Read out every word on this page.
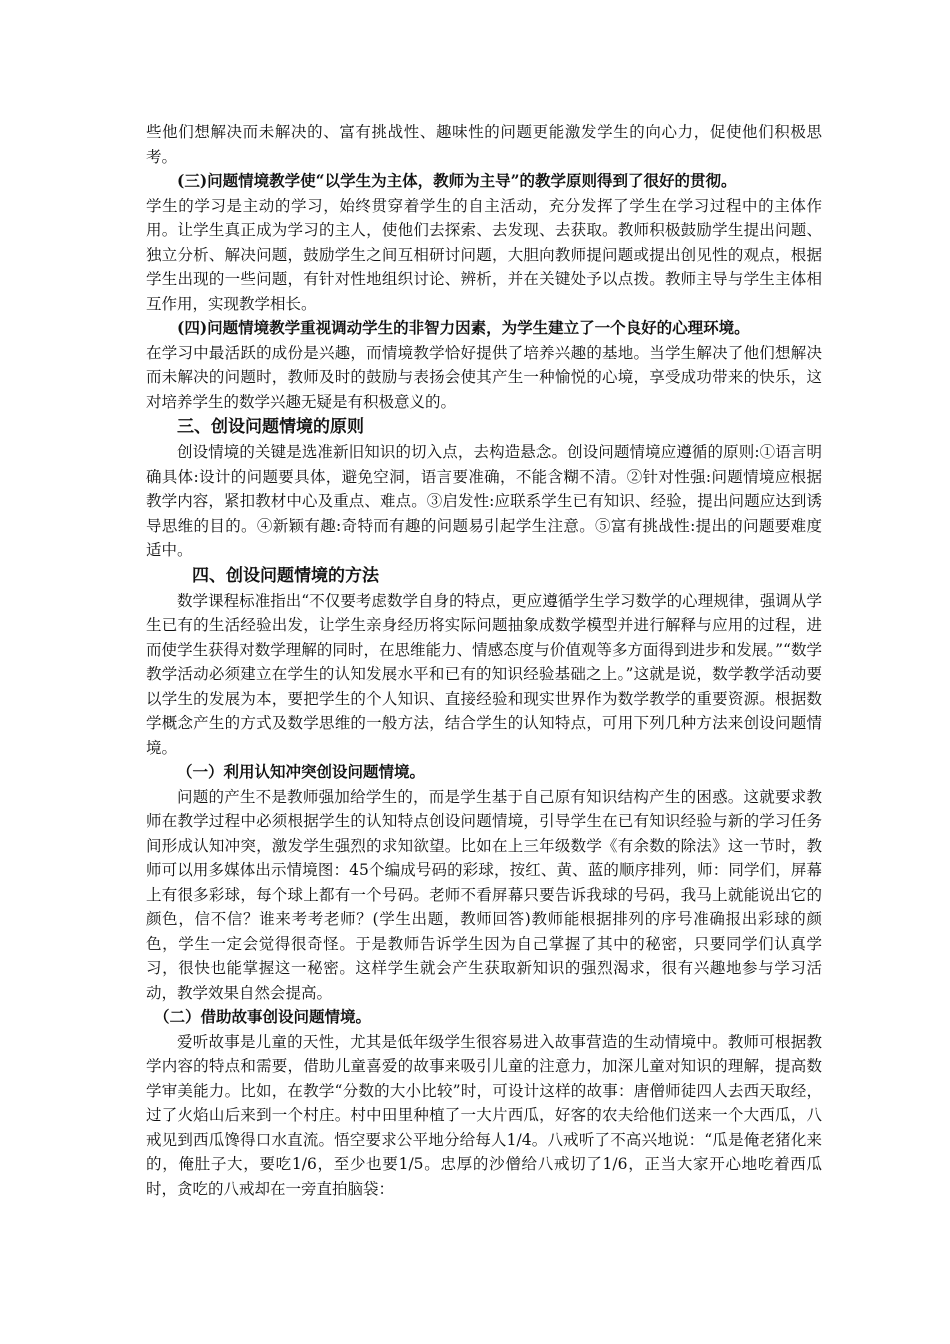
些他们想解决而未解决的、富有挑战性、趣味性的问题更能激发学生的向心力，促使他们积极思考。

(三)问题情境教学使“以学生为主体，教师为主导”的教学原则得到了很好的贯彻。

学生的学习是主动的学习，始终贯穿着学生的自主活动，充分发挥了学生在学习过程中的主体作用。让学生真正成为学习的主人，使他们去探索、去发现、去获取。教师积极鼓励学生提出问题、独立分析、解决问题，鼓励学生之间互相研讨问题，大胆向教师提问题或提出创见性的观点，根据学生出现的一些问题，有针对性地组织讨论、辨析，并在关键处予以点拨。教师主导与学生主体相互作用，实现教学相长。

(四)问题情境教学重视调动学生的非智力因素，为学生建立了一个良好的心理环境。

在学习中最活跃的成份是兴趣，而情境教学恰好提供了培养兴趣的基地。当学生解决了他们想解决而未解决的问题时，教师及时的鼓励与表扬会使其产生一种愉悦的心境，享受成功带来的快乐，这对培养学生的数学兴趣无疑是有积极意义的。

三、创设问题情境的原则

创设情境的关键是选准新旧知识的切入点，去构造悬念。创设问题情境应遵循的原则:①语言明确具体:设计的问题要具体，避免空洞，语言要准确，不能含糊不清。②针对性强:问题情境应根据教学内容，紧扣教材中心及重点、难点。③启发性:应联系学生已有知识、经验，提出问题应达到诱导思维的目的。④新颖有趣:奇特而有趣的问题易引起学生注意。⑤富有挑战性:提出的问题要难度适中。

四、创设问题情境的方法

数学课程标准指出“不仅要考虑数学自身的特点，更应遵循学生学习数学的心理规律，强调从学生已有的生活经验出发，让学生亲身经历将实际问题抽象成数学模型并进行解释与应用的过程，进而使学生获得对数学理解的同时，在思维能力、情感态度与价值观等多方面得到进步和发展。”“数学教学活动必须建立在学生的认知发展水平和已有的知识经验基础之上。”这就是说，数学教学活动要以学生的发展为本，要把学生的个人知识、直接经验和现实世界作为数学教学的重要资源。根据数学概念产生的方式及数学思维的一般方法，结合学生的认知特点，可用下列几种方法来创设问题情境。

（一）利用认知冲突创设问题情境。

问题的产生不是教师强加给学生的，而是学生基于自己原有知识结构产生的困惑。这就要求教师在教学过程中必须根据学生的认知特点创设问题情境，引导学生在已有知识经验与新的学习任务间形成认知冲突，激发学生强烈的求知欲望。比如在上三年级数学《有余数的除法》这一节时，教师可以用多媒体出示情境图：45个编成号码的彩球，按红、黄、蓝的顺序排列，师：同学们，屏幕上有很多彩球，每个球上都有一个号码。老师不看屏幕只要告诉我球的号码，我马上就能说出它的颜色，信不信？谁来考考老师？(学生出题，教师回答)教师能根据排列的序号准确报出彩球的颜色，学生一定会觉得很奇怪。于是教师告诉学生因为自己掌握了其中的秘密，只要同学们认真学习，很快也能掌握这一秘密。这样学生就会产生获取新知识的强烈渴求，很有兴趣地参与学习活动，教学效果自然会提高。

（二）借助故事创设问题情境。

爱听故事是儿童的天性，尤其是低年级学生很容易进入故事营造的生动情境中。教师可根据教学内容的特点和需要，借助儿童喜爱的故事来吸引儿童的注意力，加深儿童对知识的理解，提高数学审美能力。比如，在教学“分数的大小比较”时，可设计这样的故事：唐僧师徒四人去西天取经，过了火焰山后来到一个村庄。村中田里种植了一大片西瓜，好客的农夫给他们送来一个大西瓜，八戒见到西瓜馋得口水直流。悟空要求公平地分给每人1/4。八戒听了不高兴地说：“瓜是俺老猪化来的，俺肚子大，要吃1/6，至少也要1/5。忠厚的沙僧给八戒切了1/6，正当大家开心地吃着西瓜时，贪吃的八戒却在一旁直拍脑袋：
